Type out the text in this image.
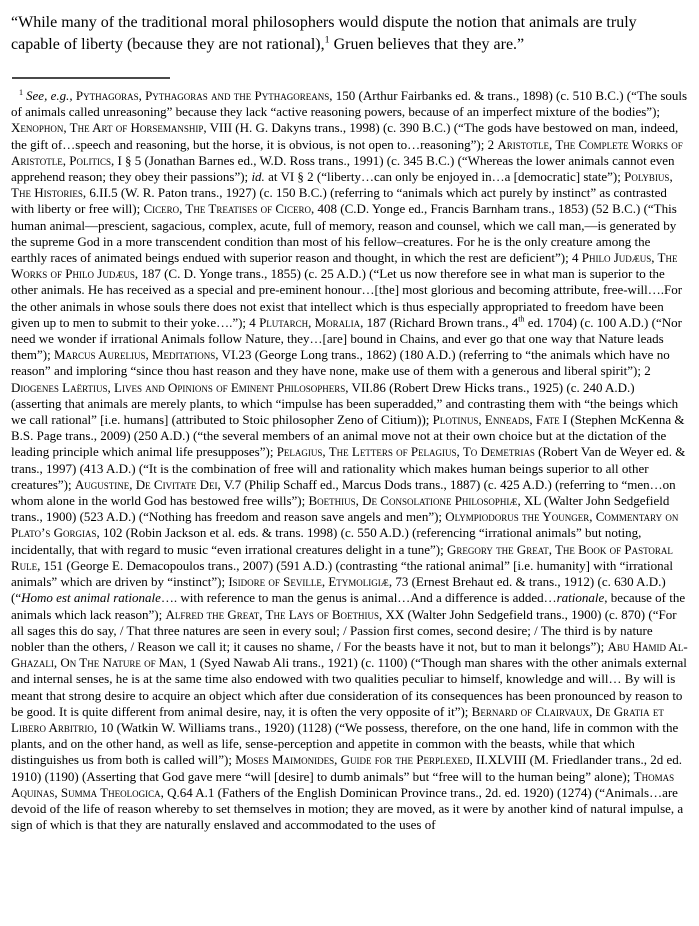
“While many of the traditional moral philosophers would dispute the notion that animals are truly capable of liberty (because they are not rational),$^1$ Gruen believes that they are.”

$^1$ See, e.g., Pythagoras, Pythagoras and the Pythagoreans, 150 (Arthur Fairbanks ed. & trans., 1898) (c. 510 B.C.) (“The souls of animals called unreasoning” because they lack “active reasoning powers, because of an imperfect mixture of the bodies”); Xenophon, The Art of Horsemanship, VIII (H. G. Dakyns trans., 1998) (c. 390 B.C.) (“The gods have bestowed on man, indeed, the gift of…speech and reasoning, but the horse, it is obvious, is not open to…reasoning”); 2 Aristotle, The Complete Works of Aristotle, Politics, I § 5 (Jonathan Barnes ed., W.D. Ross trans., 1991) (c. 345 B.C.) (“Whereas the lower animals cannot even apprehend reason; they obey their passions”); id. at VI § 2 (“liberty…can only be enjoyed in…a [democratic] state”); Polybius, The Histories, 6.II.5 (W. R. Paton trans., 1927) (c. 150 B.C.) (referring to “animals which act purely by instinct” as contrasted with liberty or free will); Cicero, The Treatises of Cicero, 408 (C.D. Yonge ed., Francis Barnham trans., 1853) (52 B.C.) (“This human animal—prescient, sagacious, complex, acute, full of memory, reason and counsel, which we call man,—is generated by the supreme God in a more transcendent condition than most of his fellow–creatures. For he is the only creature among the earthly races of animated beings endued with superior reason and thought, in which the rest are deficient”); 4 Philo Judæus, The Works of Philo Judæus, 187 (C. D. Yonge trans., 1855) (c. 25 A.D.) (“Let us now therefore see in what man is superior to the other animals. He has received as a special and pre-eminent honour…[the] most glorious and becoming attribute, free-will….For the other animals in whose souls there does not exist that intellect which is thus especially appropriated to freedom have been given up to men to submit to their yoke….”); 4 Plutarch, Moralia, 187 (Richard Brown trans., 4th ed. 1704) (c. 100 A.D.) (“Nor need we wonder if irrational Animals follow Nature, they…[are] bound in Chains, and ever go that one way that Nature leads them”); Marcus Aurelius, Meditations, VI.23 (George Long trans., 1862) (180 A.D.) (referring to “the animals which have no reason” and imploring “since thou hast reason and they have none, make use of them with a generous and liberal spirit”); 2 Diogenes Laërtius, Lives and Opinions of Eminent Philosophers, VII.86 (Robert Drew Hicks trans., 1925) (c. 240 A.D.) (asserting that animals are merely plants, to which “impulse has been superadded,” and contrasting them with “the beings which we call rational” [i.e. humans] (attributed to Stoic philosopher Zeno of Citium)); Plotinus, Enneads, Fate I (Stephen McKenna & B.S. Page trans., 2009) (250 A.D.) (“the several members of an animal move not at their own choice but at the dictation of the leading principle which animal life presupposes”); Pelagius, The Letters of Pelagius, To Demetrias (Robert Van de Weyer ed. & trans., 1997) (413 A.D.) (“It is the combination of free will and rationality which makes human beings superior to all other creatures”); Augustine, De Civitate Dei, V.7 (Philip Schaff ed., Marcus Dods trans., 1887) (c. 425 A.D.) (referring to “men…on whom alone in the world God has bestowed free wills”); Boethius, De Consolatione Philosophiæ, XL (Walter John Sedgefield trans., 1900) (523 A.D.) (“Nothing has freedom and reason save angels and men”); Olympiodorus the Younger, Commentary on Plato’s Gorgias, 102 (Robin Jackson et al. eds. & trans. 1998) (c. 550 A.D.) (referencing “irrational animals” but noting, incidentally, that with regard to music “even irrational creatures delight in a tune”); Gregory the Great, The Book of Pastoral Rule, 151 (George E. Demacopoulos trans., 2007) (591 A.D.) (contrasting “the rational animal” [i.e. humanity] with “irrational animals” which are driven by “instinct”); Isidore of Seville, Etymoligiæ, 73 (Ernest Brehaut ed. & trans., 1912) (c. 630 A.D.) (“Homo est animal rationale…. with reference to man the genus is animal…And a difference is added…rationale, because of the animals which lack reason”); Alfred the Great, The Lays of Boethius, XX (Walter John Sedgefield trans., 1900) (c. 870) (“For all sages this do say, / That three natures are seen in every soul; / Passion first comes, second desire; / The third is by nature nobler than the others, / Reason we call it; it causes no shame, / For the beasts have it not, but to man it belongs”); Abu Hamid Al-Ghazali, On The Nature of Man, 1 (Syed Nawab Ali trans., 1921) (c. 1100) (“Though man shares with the other animals external and internal senses, he is at the same time also endowed with two qualities peculiar to himself, knowledge and will… By will is meant that strong desire to acquire an object which after due consideration of its consequences has been pronounced by reason to be good. It is quite different from animal desire, nay, it is often the very opposite of it”); Bernard of Clairvaux, De Gratia et Libero Arbitrio, 10 (Watkin W. Williams trans., 1920) (1128) (“We possess, therefore, on the one hand, life in common with the plants, and on the other hand, as well as life, sense-perception and appetite in common with the beasts, while that which distinguishes us from both is called will”); Moses Maimonides, Guide for the Perplexed, II.XLVIII (M. Friedlander trans., 2d ed. 1910) (1190) (Asserting that God gave mere “will [desire] to dumb animals” but “free will to the human being” alone); Thomas Aquinas, Summa Theologica, Q.64 A.1 (Fathers of the English Dominican Province trans., 2d. ed. 1920) (1274) (“Animals…are devoid of the life of reason whereby to set themselves in motion; they are moved, as it were by another kind of natural impulse, a sign of which is that they are naturally enslaved and accommodated to the uses of
